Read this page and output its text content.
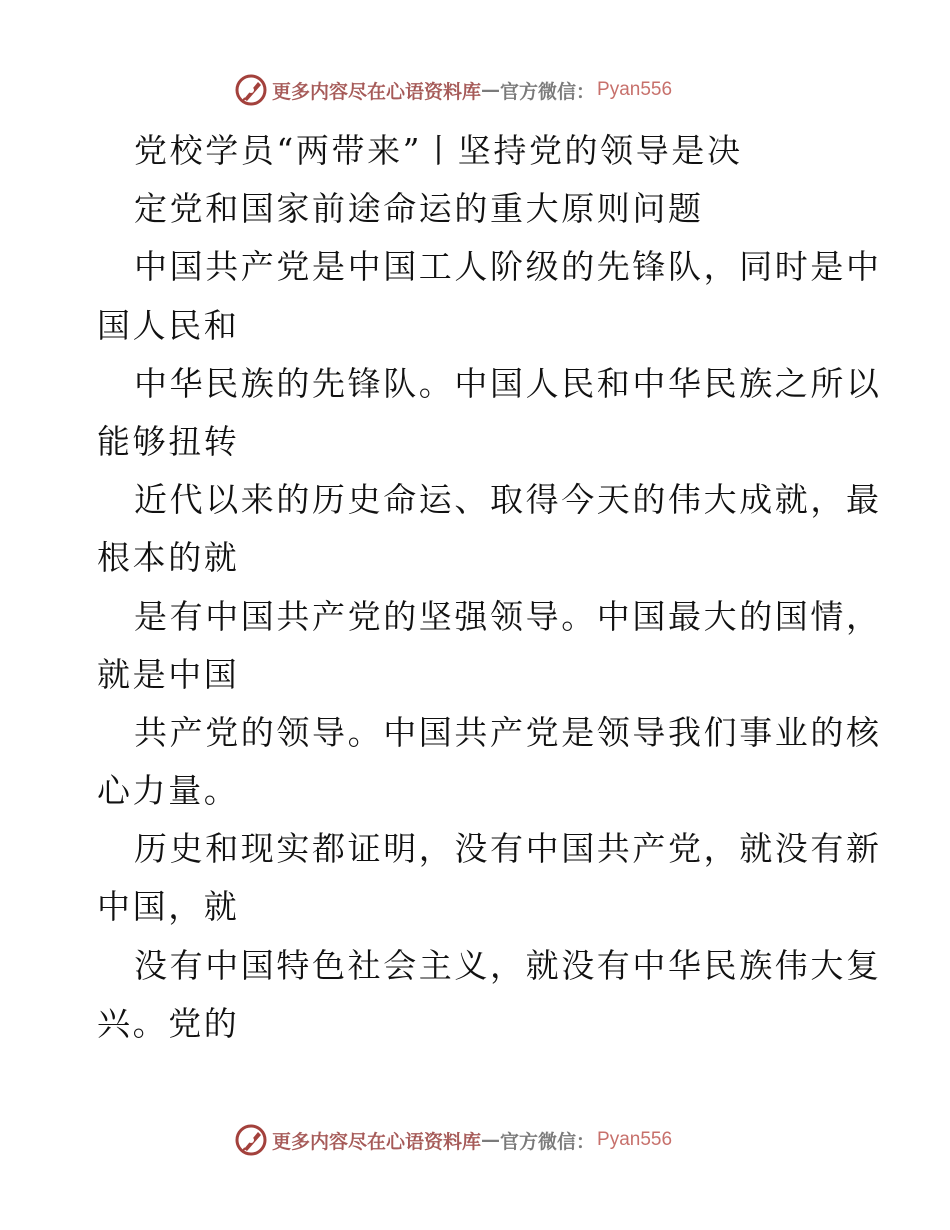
更多内容尽在心语资料库 — 官方微信： Pyan556
党校学员“两带来”丨坚持党的领导是决
定党和国家前途命运的重大原则问题
中国共产党是中国工人阶级的先锋队，同时是中
国人民和
中华民族的先锋队。中国人民和中华民族之所以
能够扭转
近代以来的历史命运、取得今天的伟大成就，最
根本的就
是有中国共产党的坚强领导。中国最大的国情，
就是中国
共产党的领导。中国共产党是领导我们事业的核
心力量。
历史和现实都证明，没有中国共产党，就没有新
中国，就
没有中国特色社会主义，就没有中华民族伟大复
兴。党的
更多内容尽在心语资料库 — 官方微信： Pyan556
